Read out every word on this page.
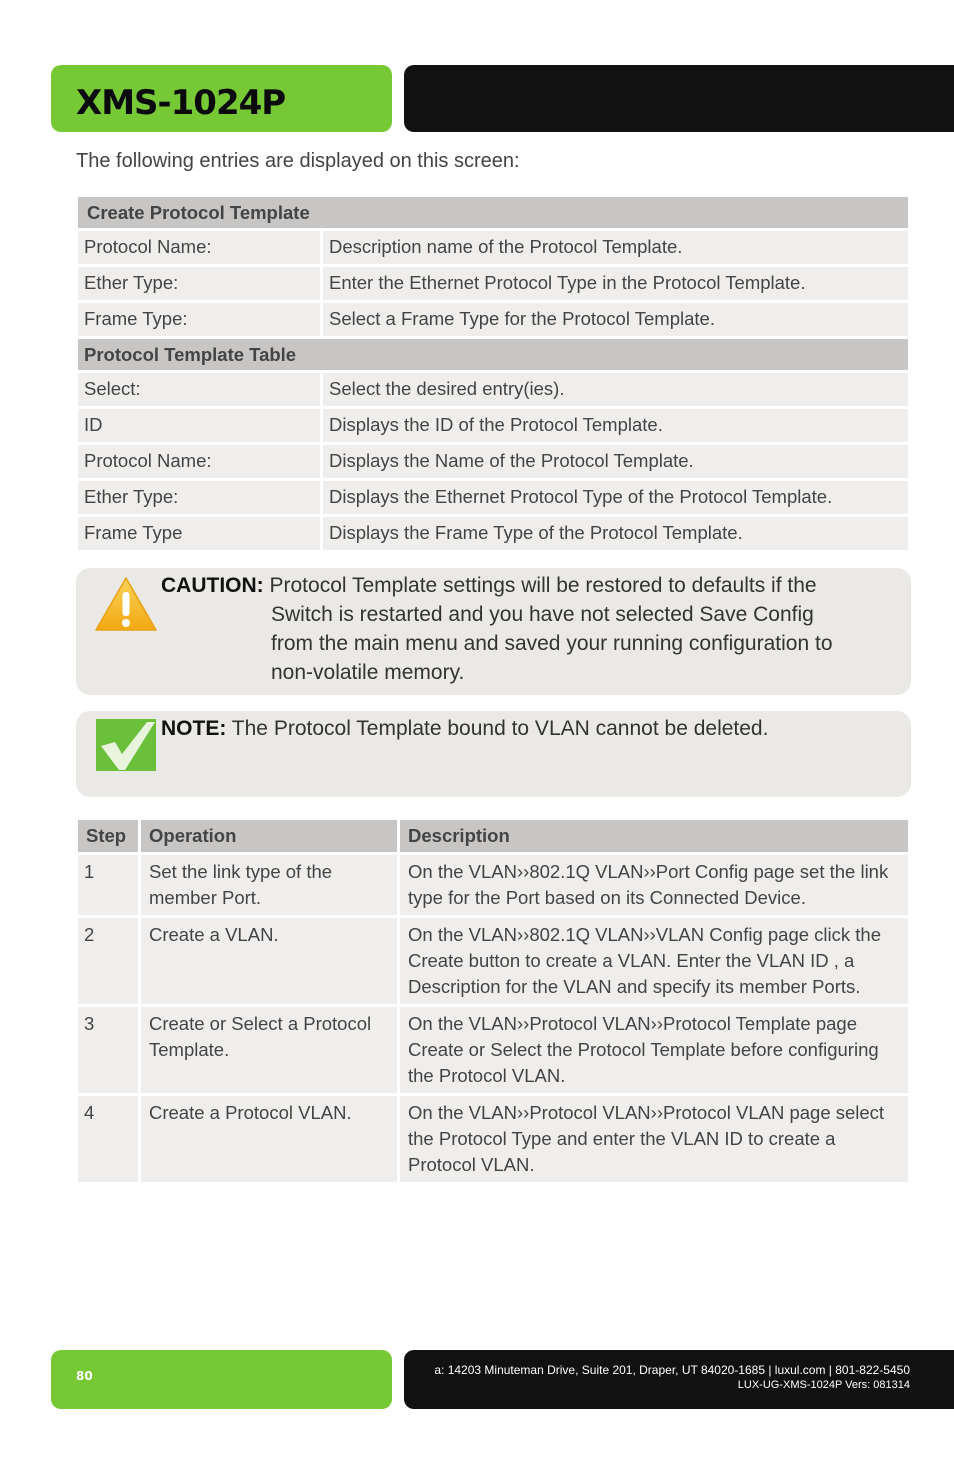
XMS-1024P
The following entries are displayed on this screen:
Create Protocol Template	
Protocol Name:	Description name of the Protocol Template.
Ether Type:	Enter the Ethernet Protocol Type in the Protocol Template.
Frame Type:	Select a Frame Type for the Protocol Template.
Protocol Template Table	
Select:	Select the desired entry(ies).
ID	Displays the ID of the Protocol Template.
Protocol Name:	Displays the Name of the Protocol Template.
Ether Type:	Displays the Ethernet Protocol Type of the Protocol Template.
Frame Type	Displays the Frame Type of the Protocol Template.
CAUTION: Protocol Template settings will be restored to defaults if the
Switch is restarted and you have not selected Save Config
from the main menu and saved your running configuration to
non-volatile memory.
NOTE: The Protocol Template bound to VLAN cannot be deleted.
Step	Operation	Description
1	Set the link type of the member Port.	On the VLAN››802.1Q VLAN››Port Config page set the link type for the Port based on its Connected Device.
2	Create a VLAN.	On the VLAN››802.1Q VLAN››VLAN Config page click the Create button to create a VLAN. Enter the VLAN ID , a Description for the VLAN and specify its member Ports.
3	Create or Select a Protocol Template.	On the VLAN››Protocol VLAN››Protocol Template page Create or Select the Protocol Template before configuring the Protocol VLAN.
4	Create a Protocol VLAN.	On the VLAN››Protocol VLAN››Protocol VLAN page select the Protocol Type and enter the VLAN ID to create a Protocol VLAN.
80	a: 14203 Minuteman Drive, Suite 201, Draper, UT 84020-1685 | luxul.com | 801-822-5450
LUX-UG-XMS-1024P Vers: 081314
